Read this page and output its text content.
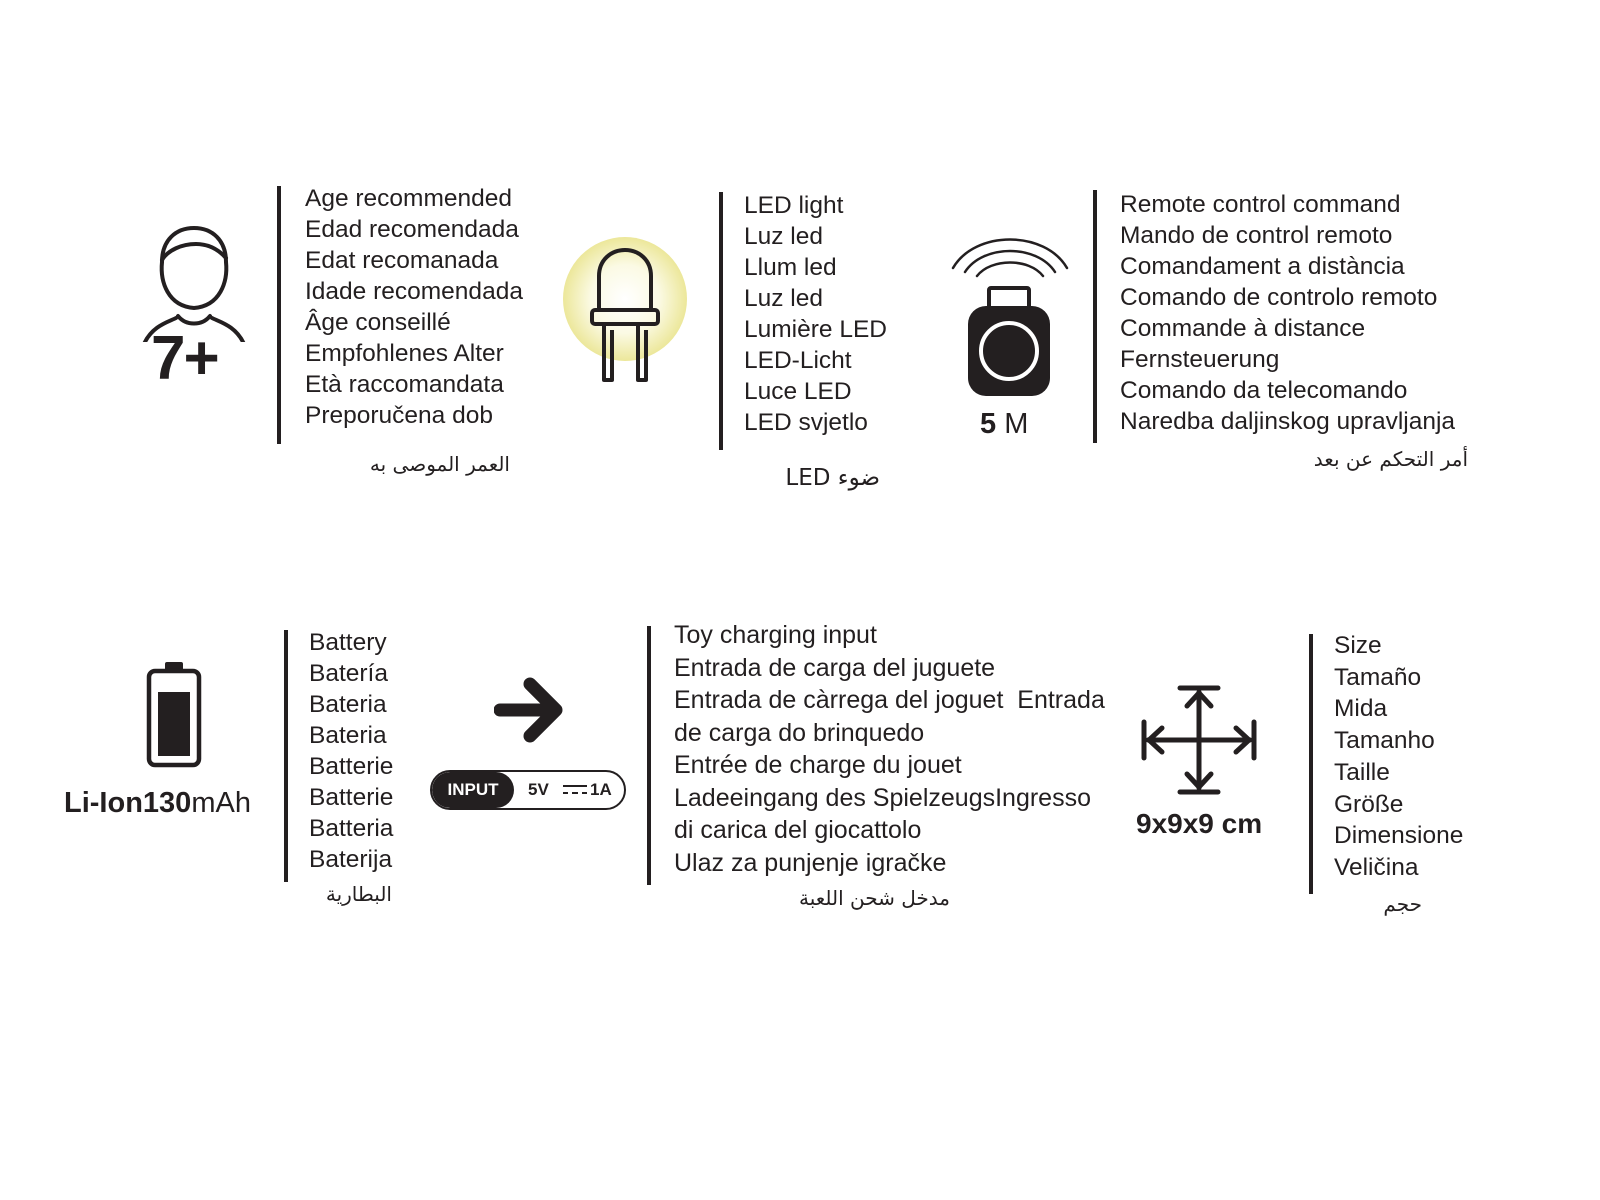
7+
Age recommended
Edad recomendada
Edat recomanada
Idade recomendada
Âge conseillé
Empfohlenes Alter
Età raccomandata
Preporučena dob
العمر الموصى به
LED light
Luz led
Llum led
Luz led
Lumière LED
LED-Licht
Luce LED
LED svjetlo
ضوء LED
5 M
Remote control command
Mando de control remoto
Comandament a distància
Comando de controlo remoto
Commande à distance
Fernsteuerung
Comando da telecomando
Naredba daljinskog upravljanja
أمر التحكم عن بعد
Li-Ion130mAh
Battery
Batería
Bateria
Bateria
Batterie
Batterie
Batteria
Baterija
البطارية
INPUT	5V 1A
Toy charging input
Entrada de carga del juguete
Entrada de càrrega del joguet  Entrada
de carga do brinquedo
Entrée de charge du jouet
Ladeeingang des SpielzeugsIngresso
di carica del giocattolo
Ulaz za punjenje igračke
مدخل شحن اللعبة
9x9x9 cm
Size
Tamaño
Mida
Tamanho
Taille
Größe
Dimensione
Veličina
حجم
